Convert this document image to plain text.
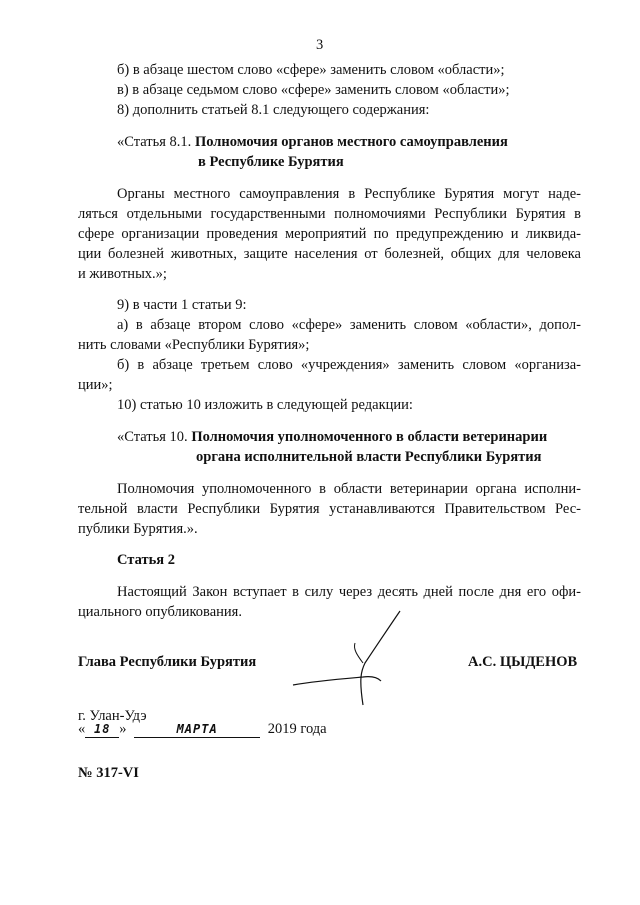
3
б) в абзаце шестом слово «сфере» заменить словом «области»;
в) в абзаце седьмом слово «сфере» заменить словом «области»;
8) дополнить статьей 8.1 следующего содержания:
«Статья 8.1. Полномочия органов местного самоуправления
в Республике Бурятия
Органы местного самоуправления в Республике Бурятия могут наде-
ляться отдельными государственными полномочиями Республики Бурятия в
сфере организации проведения мероприятий по предупреждению и ликвида-
ции болезней животных, защите населения от болезней, общих для человека
и животных.»;
9) в части 1 статьи 9:
а) в абзаце втором слово «сфере» заменить словом «области», допол-
нить словами «Республики Бурятия»;
б) в абзаце третьем слово «учреждения» заменить словом «организа-
ции»;
10) статью 10 изложить в следующей редакции:
«Статья 10. Полномочия уполномоченного в области ветеринарии
органа исполнительной власти Республики Бурятия
Полномочия уполномоченного в области ветеринарии органа исполни-
тельной власти Республики Бурятия устанавливаются Правительством Рес-
публики Бурятия.».
Статья 2
Настоящий Закон вступает в силу через десять дней после дня его офи-
циального опубликования.
Глава Республики Бурятия	А.С. ЦЫДЕНОВ
г. Улан-Удэ
« 18 »	МАРТА	2019 года
№ 317-VI
